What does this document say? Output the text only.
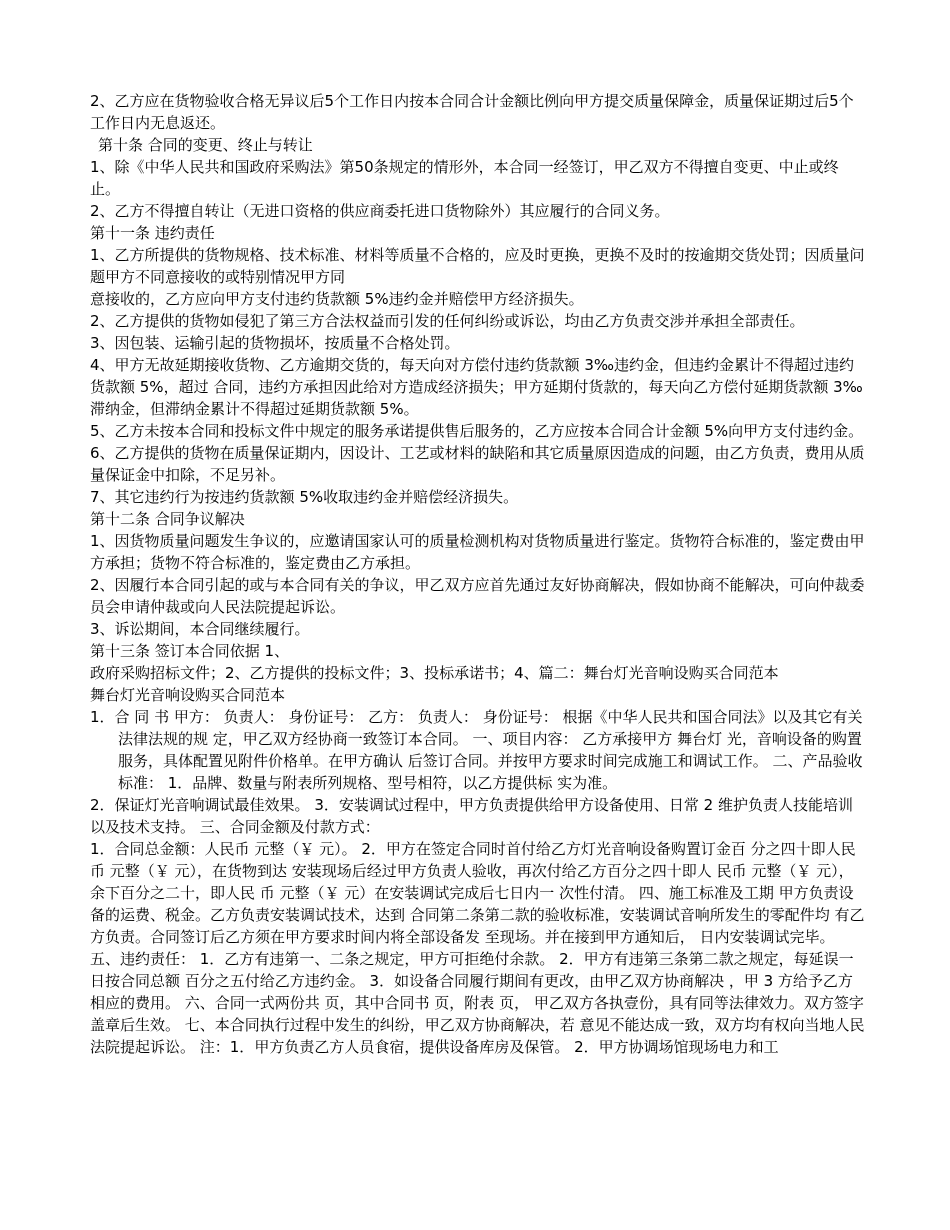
2、乙方应在货物验收合格无异议后5个工作日内按本合同合计金额比例向甲方提交质量保障金，质量保证期过后5个工作日内无息返还。

第十条 合同的变更、终止与转让

1、除《中华人民共和国政府采购法》第50条规定的情形外，本合同一经签订，甲乙双方不得擅自变更、中止或终止。

2、乙方不得擅自转让（无进口资格的供应商委托进口货物除外）其应履行的合同义务。

第十一条 违约责任

1、乙方所提供的货物规格、技术标准、材料等质量不合格的，应及时更换，更换不及时的按逾期交货处罚；因质量问题甲方不同意接收的或特别情况甲方同

意接收的，乙方应向甲方支付违约货款额 5%违约金并赔偿甲方经济损失。

2、乙方提供的货物如侵犯了第三方合法权益而引发的任何纠纷或诉讼，均由乙方负责交涉并承担全部责任。

3、因包装、运输引起的货物损坏，按质量不合格处罚。

4、甲方无故延期接收货物、乙方逾期交货的，每天向对方偿付违约货款额 3‰违约金，但违约金累计不得超过违约货款额 5%，超过 合同，违约方承担因此给对方造成经济损失；甲方延期付货款的，每天向乙方偿付延期货款额 3‰滞纳金，但滞纳金累计不得超过延期货款额 5%。

5、乙方未按本合同和投标文件中规定的服务承诺提供售后服务的，乙方应按本合同合计金额 5%向甲方支付违约金。

6、乙方提供的货物在质量保证期内，因设计、工艺或材料的缺陷和其它质量原因造成的问题，由乙方负责，费用从质量保证金中扣除，不足另补。

7、其它违约行为按违约货款额 5%收取违约金并赔偿经济损失。

第十二条 合同争议解决

1、因货物质量问题发生争议的，应邀请国家认可的质量检测机构对货物质量进行鉴定。货物符合标准的，鉴定费由甲方承担；货物不符合标准的，鉴定费由乙方承担。

2、因履行本合同引起的或与本合同有关的争议，甲乙双方应首先通过友好协商解决，假如协商不能解决，可向仲裁委员会申请仲裁或向人民法院提起诉讼。

3、诉讼期间，本合同继续履行。

第十三条 签订本合同依据 1、

政府采购招标文件；2、乙方提供的投标文件；3、投标承诺书；4、篇二：舞台灯光音响设购买合同范本

舞台灯光音响设购买合同范本

1．合 同 书 甲方： 负责人： 身份证号： 乙方： 负责人： 身份证号： 根据《中华人民共和国合同法》以及其它有关法律法规的规 定，甲乙双方经协商一致签订本合同。 一、项目内容： 乙方承接甲方 舞台灯 光，音响设备的购置服务，具体配置见附件价格单。在甲方确认 后签订合同。并按甲方要求时间完成施工和调试工作。 二、产品验收标准： 1．品牌、数量与附表所列规格、型号相符，以乙方提供标 实为准。

2．保证灯光音响调试最佳效果。 3．安装调试过程中，甲方负责提供给甲方设备使用、日常 2 维护负责人技能培训以及技术支持。 三、合同金额及付款方式：

1．合同总金额：人民币 元整（￥ 元）。 2．甲方在签定合同时首付给乙方灯光音响设备购置订金百 分之四十即人民币 元整（￥ 元），在货物到达 安装现场后经过甲方负责人验收，再次付给乙方百分之四十即人 民币 元整（￥ 元），余下百分之二十，即人民 币 元整（￥ 元）在安装调试完成后七日内一 次性付清。 四、施工标准及工期 甲方负责设备的运费、税金。乙方负责安装调试技术，达到 合同第二条第二款的验收标准，安装调试音响所发生的零配件均 有乙方负责。合同签订后乙方须在甲方要求时间内将全部设备发 至现场。并在接到甲方通知后， 日内安装调试完毕。 五、违约责任： 1．乙方有违第一、二条之规定，甲方可拒绝付余款。 2．甲方有违第三条第二款之规定，每延误一日按合同总额 百分之五付给乙方违约金。 3．如设备合同履行期间有更改，由甲乙双方协商解决 ，甲 3 方给予乙方相应的费用。 六、合同一式两份共 页，其中合同书 页，附表 页， 甲乙双方各执壹份，具有同等法律效力。双方签字盖章后生效。 七、本合同执行过程中发生的纠纷，甲乙双方协商解决，若 意见不能达成一致，双方均有权向当地人民法院提起诉讼。 注：1．甲方负责乙方人员食宿，提供设备库房及保管。 2．甲方协调场馆现场电力和工
